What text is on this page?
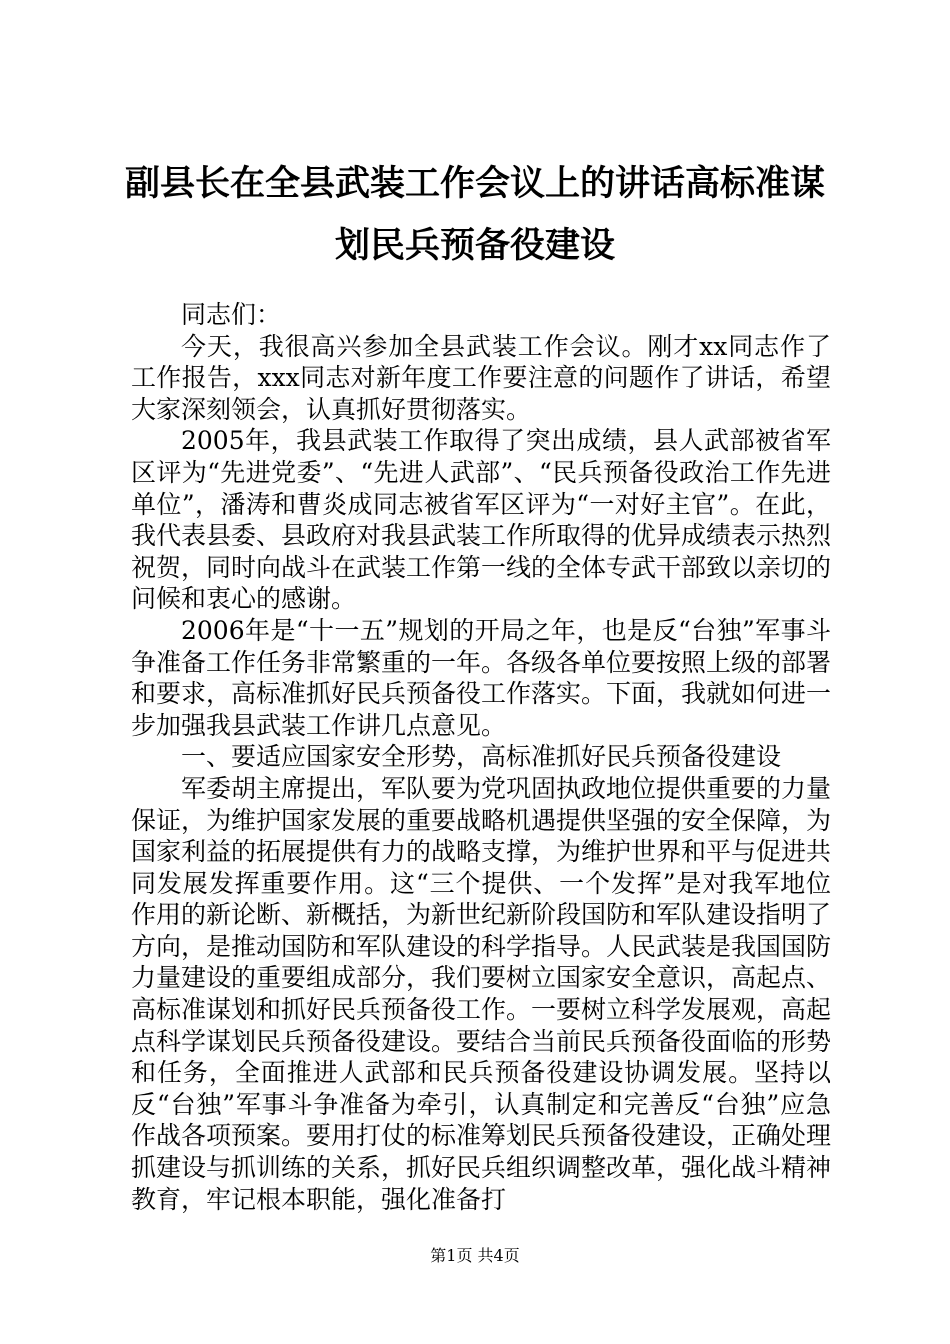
副县长在全县武装工作会议上的讲话高标准谋
划民兵预备役建设

同志们：

今天，我很高兴参加全县武装工作会议。刚才xx同志作了工作报告，xxx同志对新年度工作要注意的问题作了讲话，希望大家深刻领会，认真抓好贯彻落实。

2005年，我县武装工作取得了突出成绩，县人武部被省军区评为“先进党委”、“先进人武部”、“民兵预备役政治工作先进单位”，潘涛和曹炎成同志被省军区评为“一对好主官”。在此，我代表县委、县政府对我县武装工作所取得的优异成绩表示热烈祝贺，同时向战斗在武装工作第一线的全体专武干部致以亲切的问候和衷心的感谢。

2006年是“十一五”规划的开局之年，也是反“台独”军事斗争准备工作任务非常繁重的一年。各级各单位要按照上级的部署和要求，高标准抓好民兵预备役工作落实。下面，我就如何进一步加强我县武装工作讲几点意见。

一、要适应国家安全形势，高标准抓好民兵预备役建设

军委胡主席提出，军队要为党巩固执政地位提供重要的力量保证，为维护国家发展的重要战略机遇提供坚强的安全保障，为国家利益的拓展提供有力的战略支撑，为维护世界和平与促进共同发展发挥重要作用。这“三个提供、一个发挥”是对我军地位作用的新论断、新概括，为新世纪新阶段国防和军队建设指明了方向，是推动国防和军队建设的科学指导。人民武装是我国国防力量建设的重要组成部分，我们要树立国家安全意识，高起点、高标准谋划和抓好民兵预备役工作。一要树立科学发展观，高起点科学谋划民兵预备役建设。要结合当前民兵预备役面临的形势和任务，全面推进人武部和民兵预备役建设协调发展。坚持以反“台独”军事斗争准备为牵引，认真制定和完善反“台独”应急作战各项预案。要用打仗的标准筹划民兵预备役建设，正确处理抓建设与抓训练的关系，抓好民兵组织调整改革，强化战斗精神教育，牢记根本职能，强化准备打

第1页 共4页
